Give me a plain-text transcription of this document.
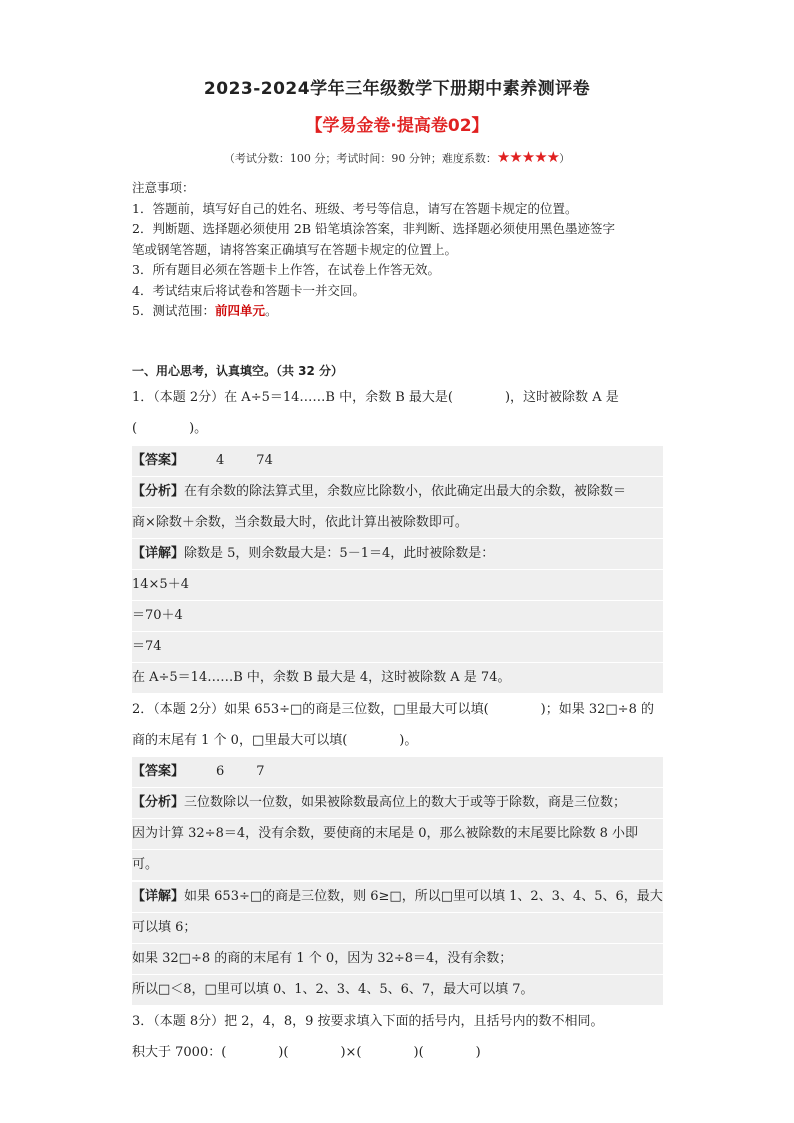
2023-2024学年三年级数学下册期中素养测评卷
【学易金卷·提高卷02】
（考试分数：100 分；考试时间：90 分钟；难度系数：★★★★★）
注意事项：
1．答题前，填写好自己的姓名、班级、考号等信息，请写在答题卡规定的位置。
2．判断题、选择题必须使用 2B 铅笔填涂答案，非判断、选择题必须使用黑色墨迹签字
笔或钢笔答题，请将答案正确填写在答题卡规定的位置上。
3．所有题目必须在答题卡上作答，在试卷上作答无效。
4．考试结束后将试卷和答题卡一并交回。
5．测试范围：前四单元。
一、用心思考，认真填空。（共 32 分）
1．（本题 2分）在 A÷5＝14……B 中，余数 B 最大是(	)，这时被除数 A 是
(	)。
【答案】 4 74
【分析】在有余数的除法算式里，余数应比除数小，依此确定出最大的余数，被除数＝
商×除数＋余数，当余数最大时，依此计算出被除数即可。
【详解】除数是 5，则余数最大是：5－1＝4，此时被除数是：
14×5＋4
＝70＋4
＝74
在 A÷5＝14……B 中，余数 B 最大是 4，这时被除数 A 是 74。
2．（本题 2分）如果 653÷□的商是三位数，□里最大可以填(	)；如果 32□÷8 的
商的末尾有 1 个 0，□里最大可以填(	)。
【答案】 6 7
【分析】三位数除以一位数，如果被除数最高位上的数大于或等于除数，商是三位数；
因为计算 32÷8＝4，没有余数，要使商的末尾是 0，那么被除数的末尾要比除数 8 小即
可。
【详解】如果 653÷□的商是三位数，则 6≥□，所以□里可以填 1、2、3、4、5、6，最大
可以填 6；
如果 32□÷8 的商的末尾有 1 个 0，因为 32÷8＝4，没有余数；
所以□＜8，□里可以填 0、1、2、3、4、5、6、7，最大可以填 7。
3．（本题 8分）把 2，4，8，9 按要求填入下面的括号内，且括号内的数不相同。
积大于 7000：(	)(	)×(	)(	)
